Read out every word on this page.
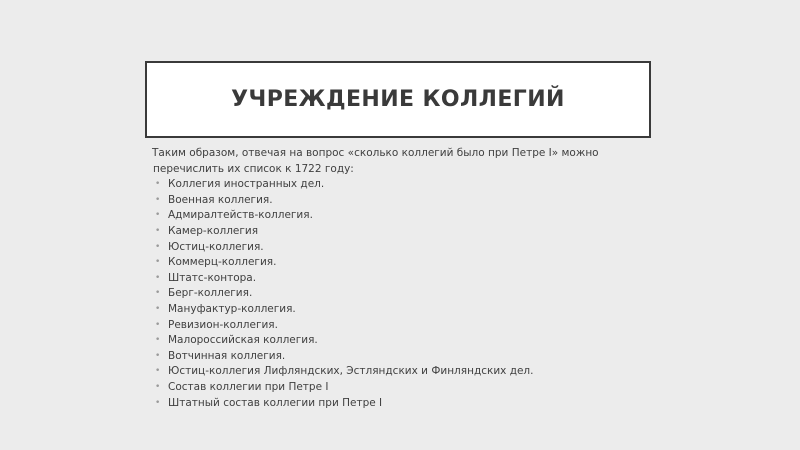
УЧРЕЖДЕНИЕ КОЛЛЕГИЙ

Таким образом, отвечая на вопрос «сколько коллегий было при Петре I» можно
перечислить их список к 1722 году:

• Коллегия иностранных дел.
• Военная коллегия.
• Адмиралтейств-коллегия.
• Камер-коллегия
• Юстиц-коллегия.
• Коммерц-коллегия.
• Штатс-контора.
• Берг-коллегия.
• Мануфактур-коллегия.
• Ревизион-коллегия.
• Малороссийская коллегия.
• Вотчинная коллегия.
• Юстиц-коллегия Лифляндских, Эстляндских и Финляндских дел.
• Состав коллегии при Петре I
• Штатный состав коллегии при Петре I
